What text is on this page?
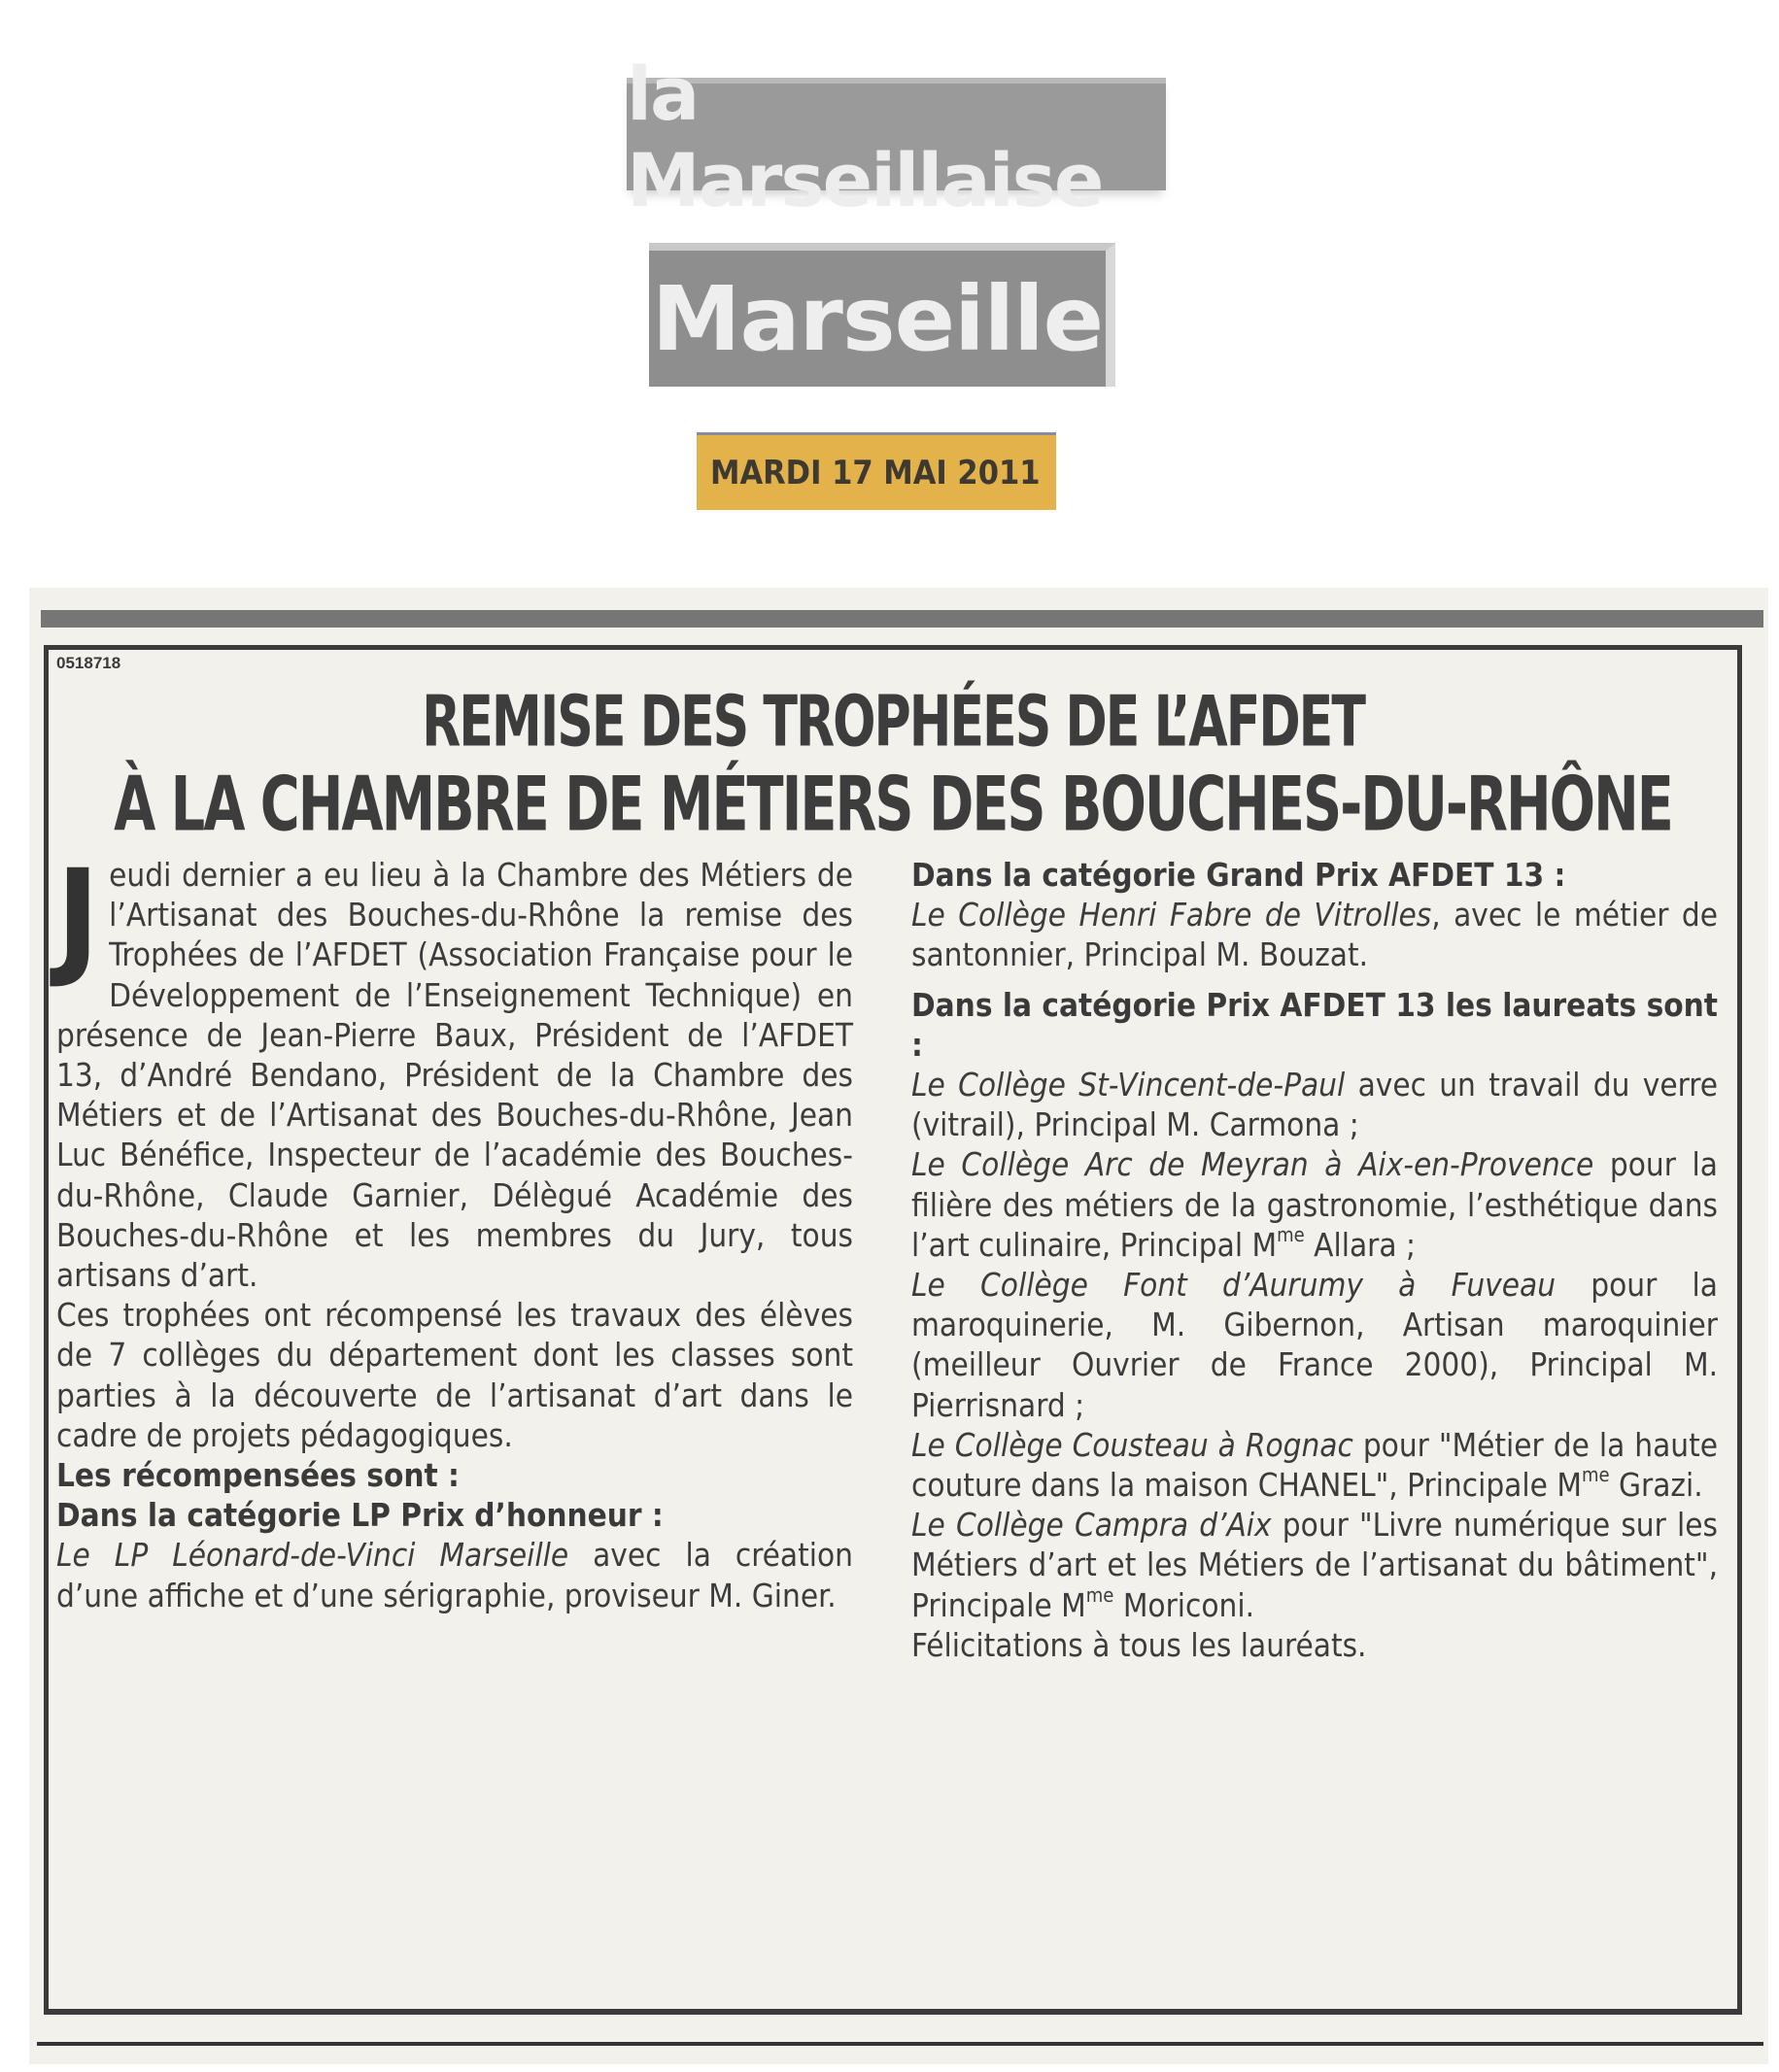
la Marseillaise
Marseille
MARDI 17 MAI 2011
0518718
REMISE DES TROPHÉES DE L’AFDET
À LA CHAMBRE DE MÉTIERS DES BOUCHES-DU-RHÔNE
J eudi dernier a eu lieu à la Chambre des Métiers de l’Artisanat des Bouches-du-Rhône la remise des Trophées de l’AFDET (Association Française pour le Développement de l’Enseignement Technique) en présence de Jean-Pierre Baux, Président de l’AFDET 13, d’André Bendano, Président de la Chambre des Métiers et de l’Artisanat des Bouches-du-Rhône, Jean Luc Bénéfice, Inspecteur de l’académie des Bouches-du-Rhône, Claude Garnier, Délègué Académie des Bouches-du-Rhône et les membres du Jury, tous artisans d’art.

Ces trophées ont récompensé les travaux des élèves de 7 collèges du département dont les classes sont parties à la découverte de l’artisanat d’art dans le cadre de projets pédagogiques.

Les récompensées sont :

Dans la catégorie LP Prix d’honneur :

Le LP Léonard-de-Vinci Marseille avec la création d’une affiche et d’une sérigraphie, proviseur M. Giner.

Dans la catégorie Grand Prix AFDET 13 :

Le Collège Henri Fabre de Vitrolles, avec le métier de santonnier, Principal M. Bouzat.

Dans la catégorie Prix AFDET 13 les laureats sont :

Le Collège St-Vincent-de-Paul avec un travail du verre (vitrail), Principal M. Carmona ;

Le Collège Arc de Meyran à Aix-en-Provence pour la filière des métiers de la gastronomie, l’esthétique dans l’art culinaire, Principal $M^{me}$ Allara ;

Le Collège Font d’Aurumy à Fuveau pour la maroquinerie, M. Gibernon, Artisan maroquinier (meilleur Ouvrier de France 2000), Principal M. Pierrisnard ;

Le Collège Cousteau à Rognac pour "Métier de la haute couture dans la maison CHANEL", Principale $M^{me}$ Grazi.

Le Collège Campra d’Aix pour "Livre numérique sur les Métiers d’art et les Métiers de l’artisanat du bâtiment", Principale $M^{me}$ Moriconi.

Félicitations à tous les lauréats.
